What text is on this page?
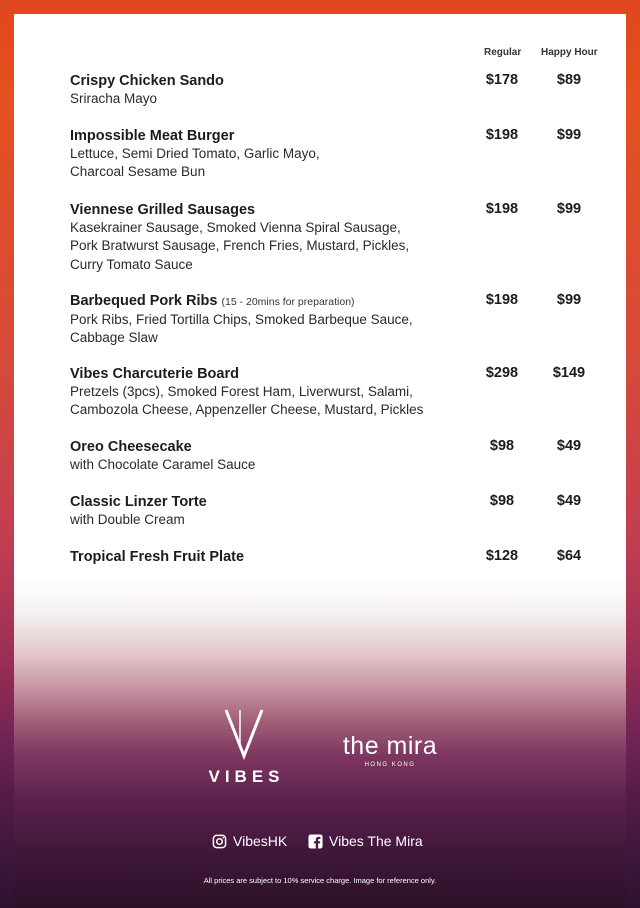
Regular Happy Hour
Crispy Chicken Sando
Sriracha Mayo
$178	$89
Impossible Meat Burger
Lettuce, Semi Dried Tomato, Garlic Mayo,
Charcoal Sesame Bun
$198	$99
Viennese Grilled Sausages
Kasekrainer Sausage, Smoked Vienna Spiral Sausage,
Pork Bratwurst Sausage, French Fries, Mustard, Pickles,
Curry Tomato Sauce
$198	$99
Barbequed Pork Ribs (15 - 20mins for preparation)
Pork Ribs, Fried Tortilla Chips, Smoked Barbeque Sauce,
Cabbage Slaw
$198	$99
Vibes Charcuterie Board
Pretzels (3pcs), Smoked Forest Ham, Liverwurst, Salami,
Cambozola Cheese, Appenzeller Cheese, Mustard, Pickles
$298	$149
Oreo Cheesecake
with Chocolate Caramel Sauce
$98	$49
Classic Linzer Torte
with Double Cream
$98	$49
Tropical Fresh Fruit Plate	$128	$64
VIBES
the mira
HONG KONG
VibesHK	Vibes The Mira
All prices are subject to 10% service charge. Image for reference only.
